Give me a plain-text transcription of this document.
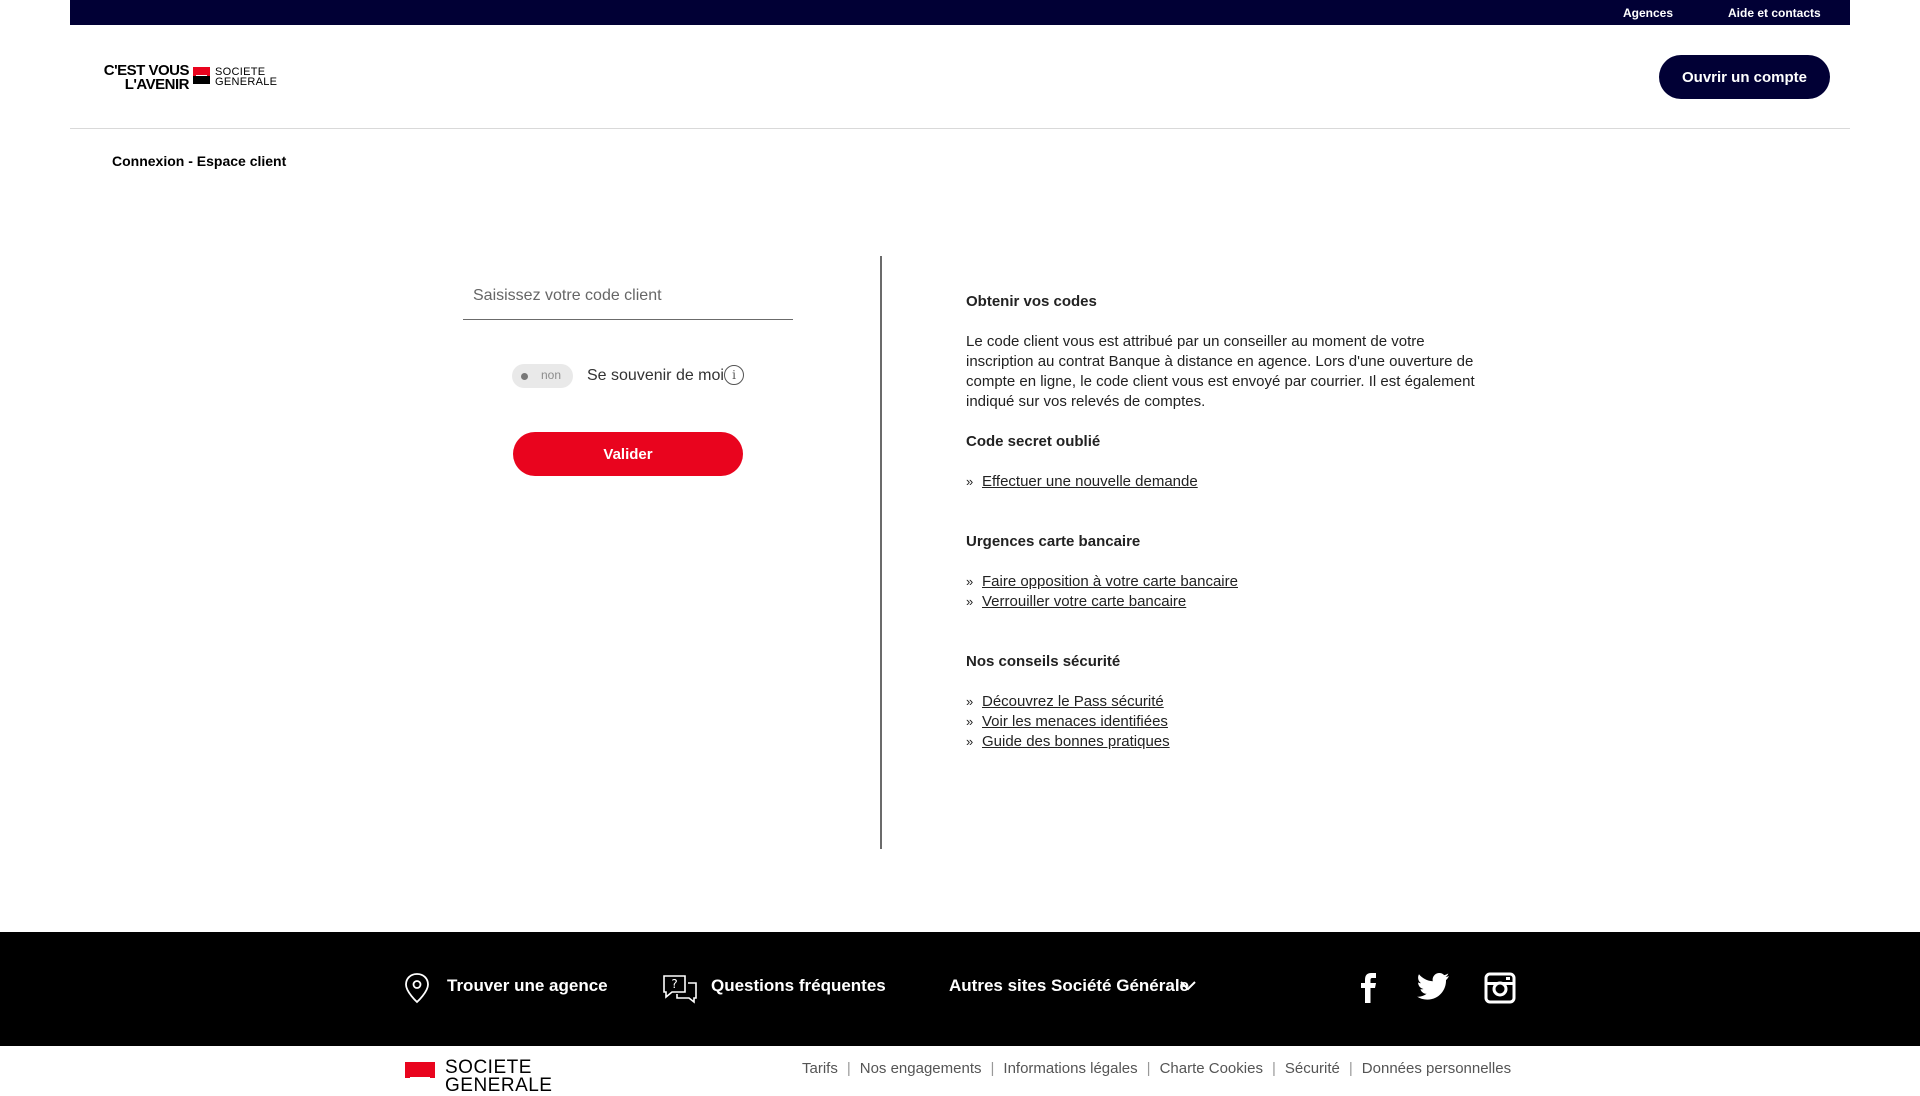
Agences	Aide et contacts
C'EST VOUS
L'AVENIR
SOCIETE
GENERALE	Ouvrir un compte
Connexion - Espace client
Saisissez votre code client
non Se souvenir de moi i
Valider
Obtenir vos codes

Le code client vous est attribué par un conseiller au moment de votre inscription au contrat Banque à distance en agence. Lors d'une ouverture de compte en ligne, le code client vous est envoyé par courrier. Il est également indiqué sur vos relevés de comptes.

Code secret oublié
» Effectuer une nouvelle demande
Urgences carte bancaire
» Faire opposition à votre carte bancaire
» Verrouiller votre carte bancaire
Nos conseils sécurité
» Découvrez le Pass sécurité
» Voir les menaces identifiées
» Guide des bonnes pratiques
Trouver une agence	? Questions fréquentes	Autres sites Société Générale
SOCIETE
GENERALE
Tarifs | Nos engagements | Informations légales | Charte Cookies | Sécurité | Données personnelles
